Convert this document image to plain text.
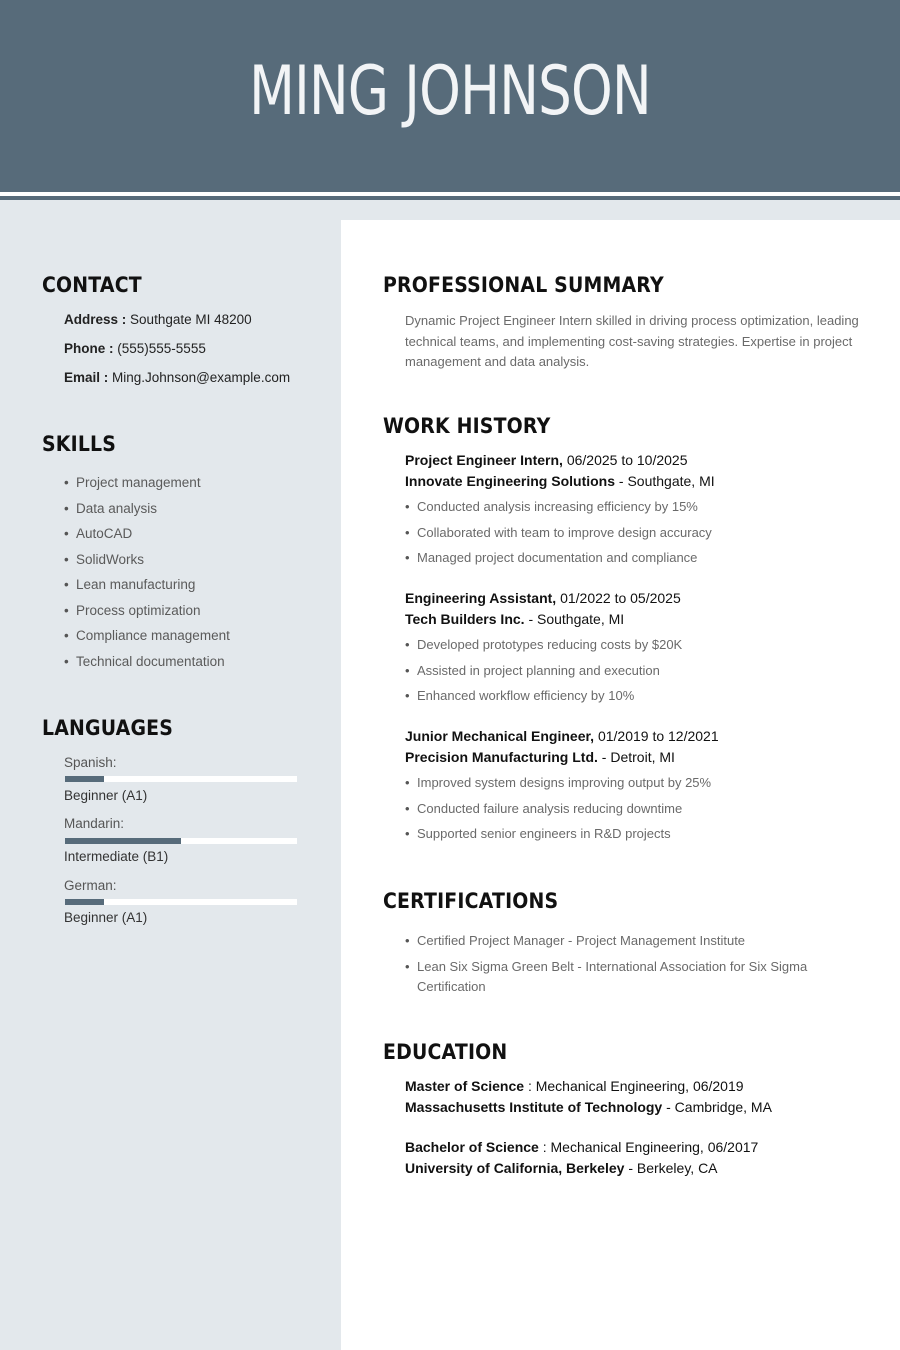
MING JOHNSON
CONTACT
Address : Southgate MI 48200
Phone : (555)555-5555
Email : Ming.Johnson@example.com
SKILLS
• Project management
• Data analysis
• AutoCAD
• SolidWorks
• Lean manufacturing
• Process optimization
• Compliance management
• Technical documentation
LANGUAGES
Spanish:
Beginner (A1)
Mandarin:
Intermediate (B1)
German:
Beginner (A1)
PROFESSIONAL SUMMARY
Dynamic Project Engineer Intern skilled in driving process optimization, leading technical teams, and implementing cost-saving strategies. Expertise in project management and data analysis.
WORK HISTORY
Project Engineer Intern, 06/2025 to 10/2025
Innovate Engineering Solutions - Southgate, MI
• Conducted analysis increasing efficiency by 15%
• Collaborated with team to improve design accuracy
• Managed project documentation and compliance
Engineering Assistant, 01/2022 to 05/2025
Tech Builders Inc. - Southgate, MI
• Developed prototypes reducing costs by $20K
• Assisted in project planning and execution
• Enhanced workflow efficiency by 10%
Junior Mechanical Engineer, 01/2019 to 12/2021
Precision Manufacturing Ltd. - Detroit, MI
• Improved system designs improving output by 25%
• Conducted failure analysis reducing downtime
• Supported senior engineers in R&D projects
CERTIFICATIONS
• Certified Project Manager - Project Management Institute
• Lean Six Sigma Green Belt - International Association for Six Sigma Certification
EDUCATION
Master of Science : Mechanical Engineering, 06/2019
Massachusetts Institute of Technology - Cambridge, MA
Bachelor of Science : Mechanical Engineering, 06/2017
University of California, Berkeley - Berkeley, CA
